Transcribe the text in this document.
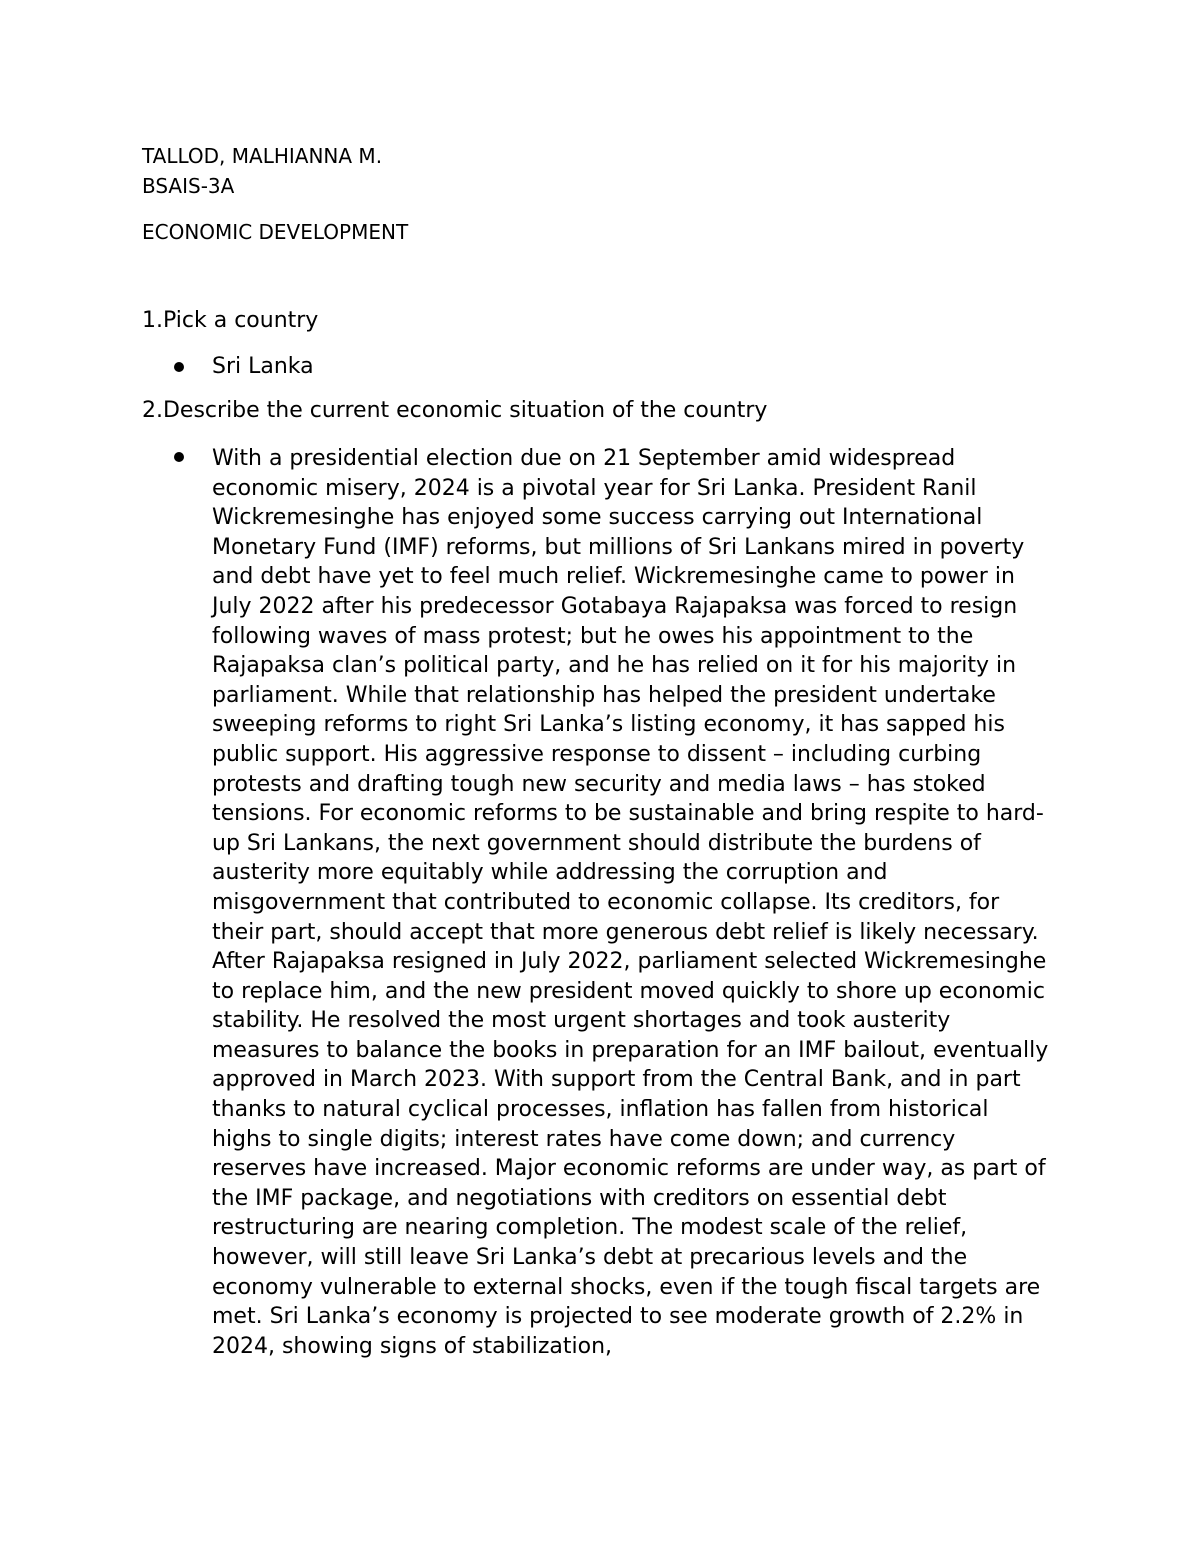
TALLOD, MALHIANNA M.
BSAIS-3A
ECONOMIC DEVELOPMENT
1.Pick a country
Sri Lanka
2.Describe the current economic situation of the country
With a presidential election due on 21 September amid widespread economic misery, 2024 is a pivotal year for Sri Lanka. President Ranil Wickremesinghe has enjoyed some success carrying out International Monetary Fund (IMF) reforms, but millions of Sri Lankans mired in poverty and debt have yet to feel much relief. Wickremesinghe came to power in July 2022 after his predecessor Gotabaya Rajapaksa was forced to resign following waves of mass protest; but he owes his appointment to the Rajapaksa clan’s political party, and he has relied on it for his majority in parliament. While that relationship has helped the president undertake sweeping reforms to right Sri Lanka’s listing economy, it has sapped his public support. His aggressive response to dissent – including curbing protests and drafting tough new security and media laws – has stoked tensions. For economic reforms to be sustainable and bring respite to hard-up Sri Lankans, the next government should distribute the burdens of austerity more equitably while addressing the corruption and misgovernment that contributed to economic collapse. Its creditors, for their part, should accept that more generous debt relief is likely necessary. After Rajapaksa resigned in July 2022, parliament selected Wickremesinghe to replace him, and the new president moved quickly to shore up economic stability. He resolved the most urgent shortages and took austerity measures to balance the books in preparation for an IMF bailout, eventually approved in March 2023. With support from the Central Bank, and in part thanks to natural cyclical processes, inflation has fallen from historical highs to single digits; interest rates have come down; and currency reserves have increased. Major economic reforms are under way, as part of the IMF package, and negotiations with creditors on essential debt restructuring are nearing completion. The modest scale of the relief, however, will still leave Sri Lanka’s debt at precarious levels and the economy vulnerable to external shocks, even if the tough fiscal targets are met. Sri Lanka’s economy is projected to see moderate growth of 2.2% in 2024, showing signs of stabilization,
